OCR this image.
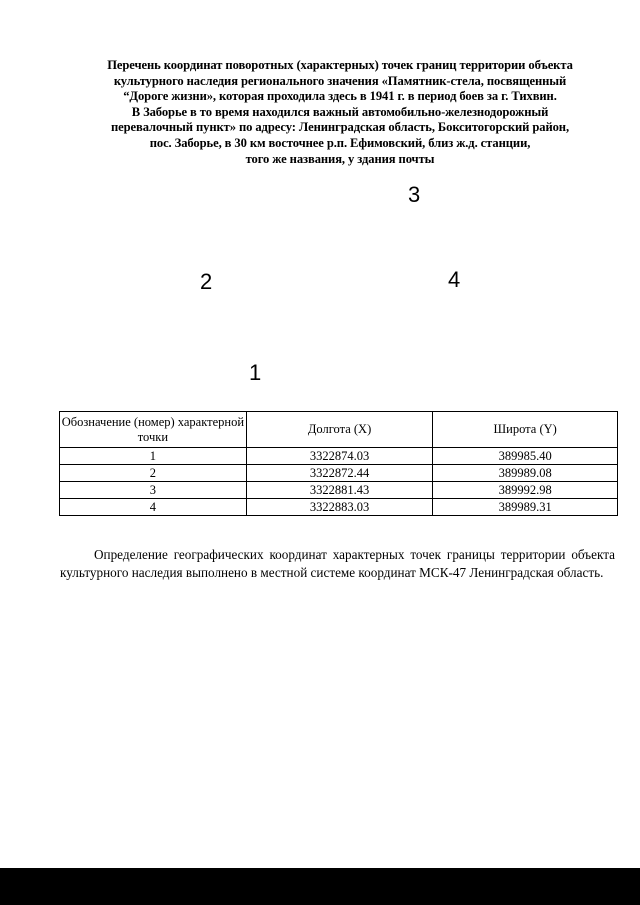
Перечень координат поворотных (характерных) точек границ территории объекта
культурного наследия регионального значения «Памятник-стела, посвященный
“Дороге жизни», которая проходила здесь в 1941 г. в период боев за г. Тихвин.
В Заборье в то время находился важный автомобильно-железнодорожный
перевалочный пункт» по адресу: Ленинградская область, Бокситогорский район,
пос. Заборье, в 30 км восточнее р.п. Ефимовский, близ ж.д. станции,
того же названия, у здания почты
3
2	4
1
Обозначение (номер) характерной точки	Долгота (X)	Широта (Y)
1	3322874.03	389985.40
2	3322872.44	389989.08
3	3322881.43	389992.98
4	3322883.03	389989.31

Определение географических координат характерных точек границы территории объекта культурного наследия выполнено в местной системе координат МСК-47 Ленинградская область.
